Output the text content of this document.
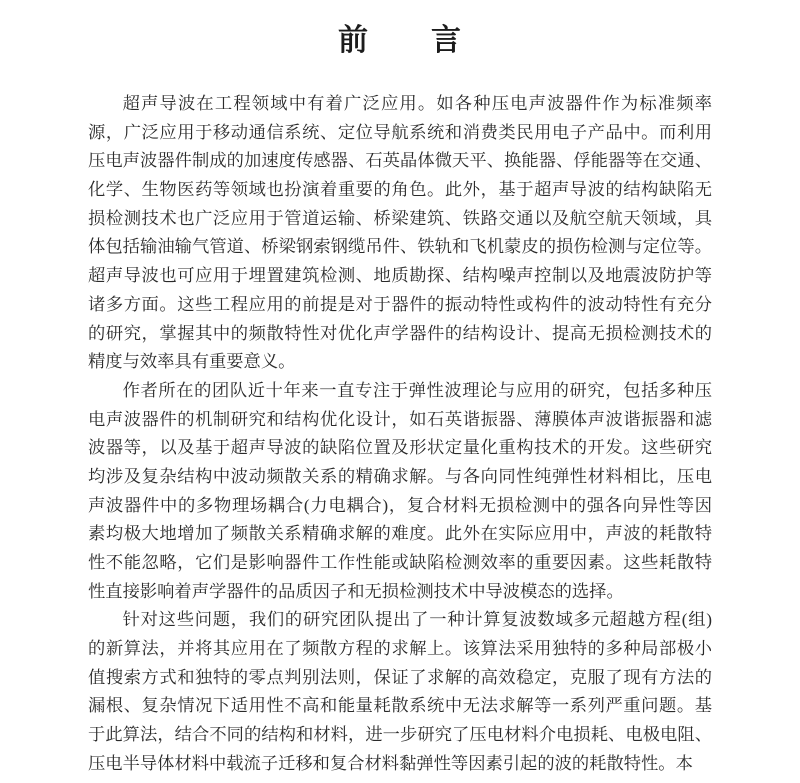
前　　言

超声导波在工程领域中有着广泛应用。如各种压电声波器件作为标准频率
源，广泛应用于移动通信系统、定位导航系统和消费类民用电子产品中。而利用
压电声波器件制成的加速度传感器、石英晶体微天平、换能器、俘能器等在交通、
化学、生物医药等领域也扮演着重要的角色。此外，基于超声导波的结构缺陷无
损检测技术也广泛应用于管道运输、桥梁建筑、铁路交通以及航空航天领域，具
体包括输油输气管道、桥梁钢索钢缆吊件、铁轨和飞机蒙皮的损伤检测与定位等。
超声导波也可应用于埋置建筑检测、地质勘探、结构噪声控制以及地震波防护等
诸多方面。这些工程应用的前提是对于器件的振动特性或构件的波动特性有充分
的研究，掌握其中的频散特性对优化声学器件的结构设计、提高无损检测技术的
精度与效率具有重要意义。

作者所在的团队近十年来一直专注于弹性波理论与应用的研究，包括多种压
电声波器件的机制研究和结构优化设计，如石英谐振器、薄膜体声波谐振器和滤
波器等，以及基于超声导波的缺陷位置及形状定量化重构技术的开发。这些研究
均涉及复杂结构中波动频散关系的精确求解。与各向同性纯弹性材料相比，压电
声波器件中的多物理场耦合(力电耦合)，复合材料无损检测中的强各向异性等因
素均极大地增加了频散关系精确求解的难度。此外在实际应用中，声波的耗散特
性不能忽略，它们是影响器件工作性能或缺陷检测效率的重要因素。这些耗散特
性直接影响着声学器件的品质因子和无损检测技术中导波模态的选择。

针对这些问题，我们的研究团队提出了一种计算复波数域多元超越方程(组)
的新算法，并将其应用在了频散方程的求解上。该算法采用独特的多种局部极小
值搜索方式和独特的零点判别法则，保证了求解的高效稳定，克服了现有方法的
漏根、复杂情况下适用性不高和能量耗散系统中无法求解等一系列严重问题。基
于此算法，结合不同的结构和材料，进一步研究了压电材料介电损耗、电极电阻、
压电半导体材料中载流子迁移和复合材料黏弹性等因素引起的波的耗散特性。本
